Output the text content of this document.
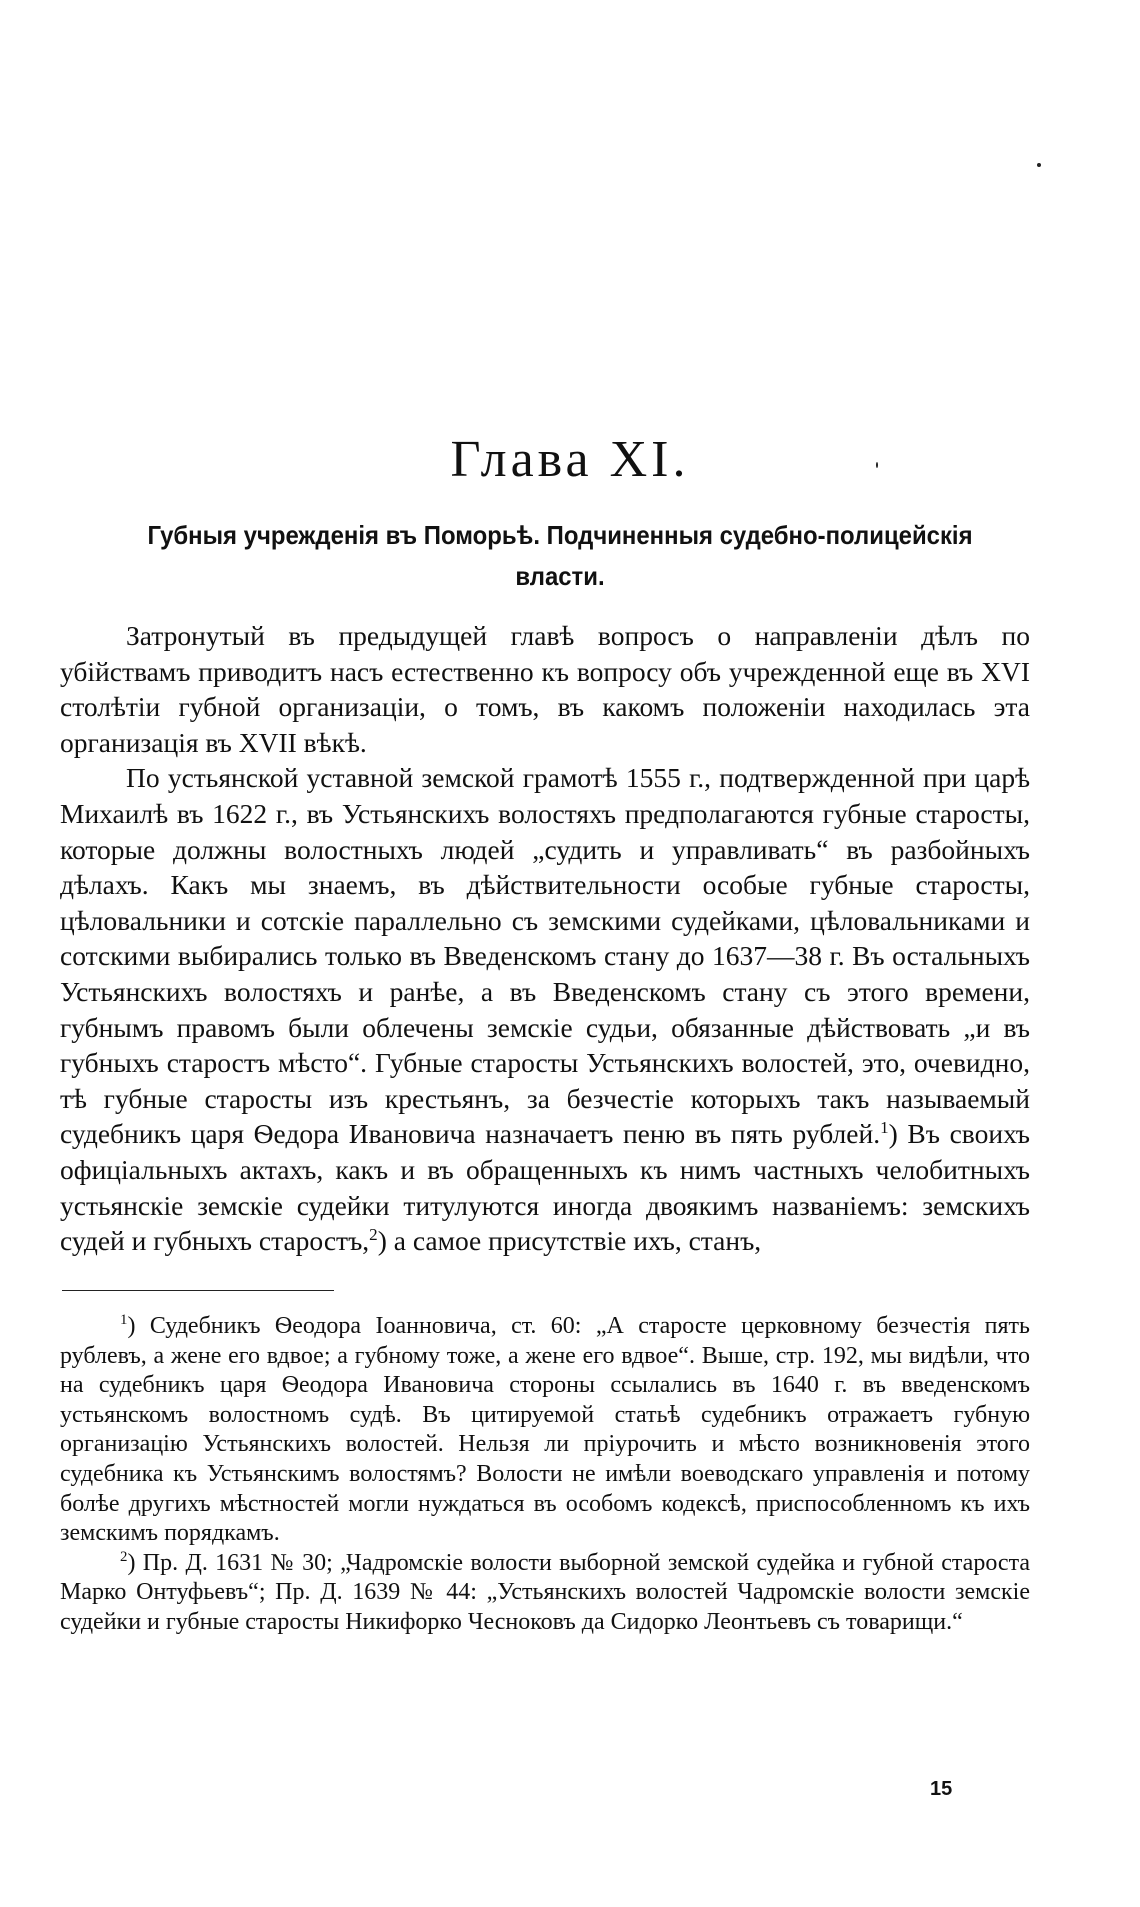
Глава XI.
Губныя учрежденія въ Поморьѣ. Подчиненныя судебно-полицейскія власти.

Затронутый въ предыдущей главѣ вопросъ о направленіи дѣлъ по убійствамъ приводитъ насъ естественно къ вопросу объ учрежденной еще въ XVI столѣтіи губной организаціи, о томъ, въ какомъ положеніи находилась эта организація въ XVII вѣкѣ.

По устьянской уставной земской грамотѣ 1555 г., подтвержденной при царѣ Михаилѣ въ 1622 г., въ Устьянскихъ волостяхъ предполагаются губные старосты, которые должны волостныхъ людей „судить и управливать“ въ разбойныхъ дѣлахъ. Какъ мы знаемъ, въ дѣйствительности особые губные старосты, цѣловальники и сотскіе параллельно съ земскими судейками, цѣловальниками и сотскими выбирались только въ Введенскомъ стану до 1637—38 г. Въ остальныхъ Устьянскихъ волостяхъ и ранѣе, а въ Введенскомъ стану съ этого времени, губнымъ правомъ были облечены земскіе судьи, обязанные дѣйствовать „и въ губныхъ старостъ мѣсто“. Губные старосты Устьянскихъ волостей, это, очевидно, тѣ губные старосты изъ крестьянъ, за безчестіе которыхъ такъ называемый судебникъ царя Ѳедора Ивановича назначаетъ пеню въ пять рублей.$^1$) Въ своихъ офиціальныхъ актахъ, какъ и въ обращенныхъ къ нимъ частныхъ челобитныхъ устьянскіе земскіе судейки титулуются иногда двоякимъ названіемъ: земскихъ судей и губныхъ старостъ,$^2$) а самое присутствіе ихъ, станъ,

$^1$) Судебникъ Ѳеодора Іоанновича, ст. 60: „А старосте церковному безчестія пять рублевъ, а жене его вдвое; а губному тоже, а жене его вдвое“. Выше, стр. 192, мы видѣли, что на судебникъ царя Ѳеодора Ивановича стороны ссылались въ 1640 г. въ введенскомъ устьянскомъ волостномъ судѣ. Въ цитируемой статьѣ судебникъ отражаетъ губную организацію Устьянскихъ волостей. Нельзя ли пріурочить и мѣсто возникновенія этого судебника къ Устьянскимъ волостямъ? Волости не имѣли воеводскаго управленія и потому болѣе другихъ мѣстностей могли нуждаться въ особомъ кодексѣ, приспособленномъ къ ихъ земскимъ порядкамъ.

$^2$) Пр. Д. 1631 № 30; „Чадромскіе волости выборной земской судейка и губной староста Марко Онтуфьевъ“; Пр. Д. 1639 № 44: „Устьянскихъ волостей Чадромскіе волости земскіе судейки и губные старосты Никифорко Чесноковъ да Сидорко Леонтьевъ съ товарищи.“

15
